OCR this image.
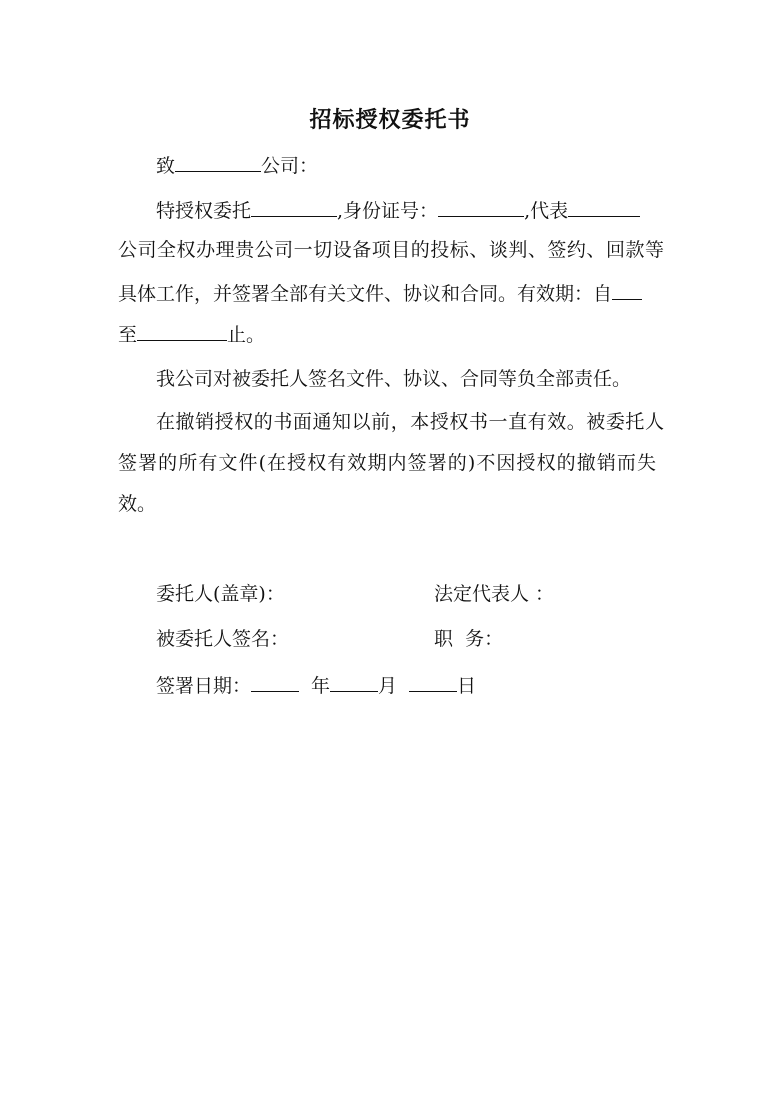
招标授权委托书
致	公司：
特授权委托	,身份证号：	,代表
公司全权办理贵公司一切设备项目的投标、谈判、签约、回款等
具体工作，并签署全部有关文件、协议和合同。有效期：自
至	止。
我公司对被委托人签名文件、协议、合同等负全部责任。
在撤销授权的书面通知以前，本授权书一直有效。被委托人
签署的所有文件(在授权有效期内签署的)不因授权的撤销而失
效。
委托人(盖章)：	法定代表人 ：
被委托人签名：	职  务：
签署日期：	年	月	日
